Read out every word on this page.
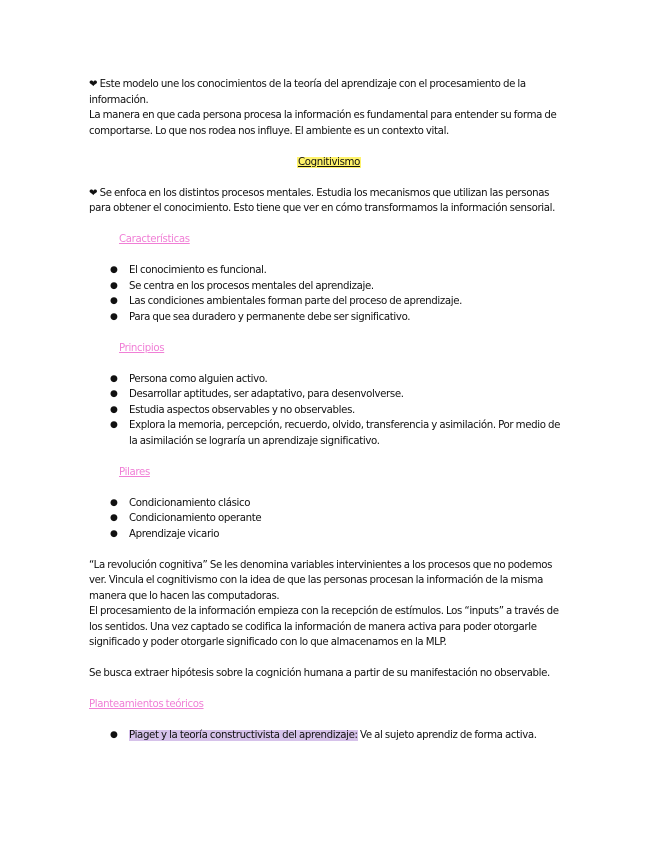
❤ Este modelo une los conocimientos de la teoría del aprendizaje con el procesamiento de la información.

La manera en que cada persona procesa la información es fundamental para entender su forma de comportarse. Lo que nos rodea nos influye. El ambiente es un contexto vital.

Cognitivismo

❤ Se enfoca en los distintos procesos mentales. Estudia los mecanismos que utilizan las personas para obtener el conocimiento. Esto tiene que ver en cómo transformamos la información sensorial.

Características

● El conocimiento es funcional.
● Se centra en los procesos mentales del aprendizaje.
● Las condiciones ambientales forman parte del proceso de aprendizaje.
● Para que sea duradero y permanente debe ser significativo.

Principios

● Persona como alguien activo.
● Desarrollar aptitudes, ser adaptativo, para desenvolverse.
● Estudia aspectos observables y no observables.
● Explora la memoria, percepción, recuerdo, olvido, transferencia y asimilación. Por medio de la asimilación se lograría un aprendizaje significativo.

Pilares

● Condicionamiento clásico
● Condicionamiento operante
● Aprendizaje vicario

“La revolución cognitiva” Se les denomina variables intervinientes a los procesos que no podemos ver. Vincula el cognitivismo con la idea de que las personas procesan la información de la misma manera que lo hacen las computadoras.

El procesamiento de la información empieza con la recepción de estímulos. Los “inputs” a través de los sentidos. Una vez captado se codifica la información de manera activa para poder otorgarle significado y poder otorgarle significado con lo que almacenamos en la MLP.

Se busca extraer hipótesis sobre la cognición humana a partir de su manifestación no observable.

Planteamientos teóricos

● Piaget y la teoría constructivista del aprendizaje: Ve al sujeto aprendiz de forma activa.
